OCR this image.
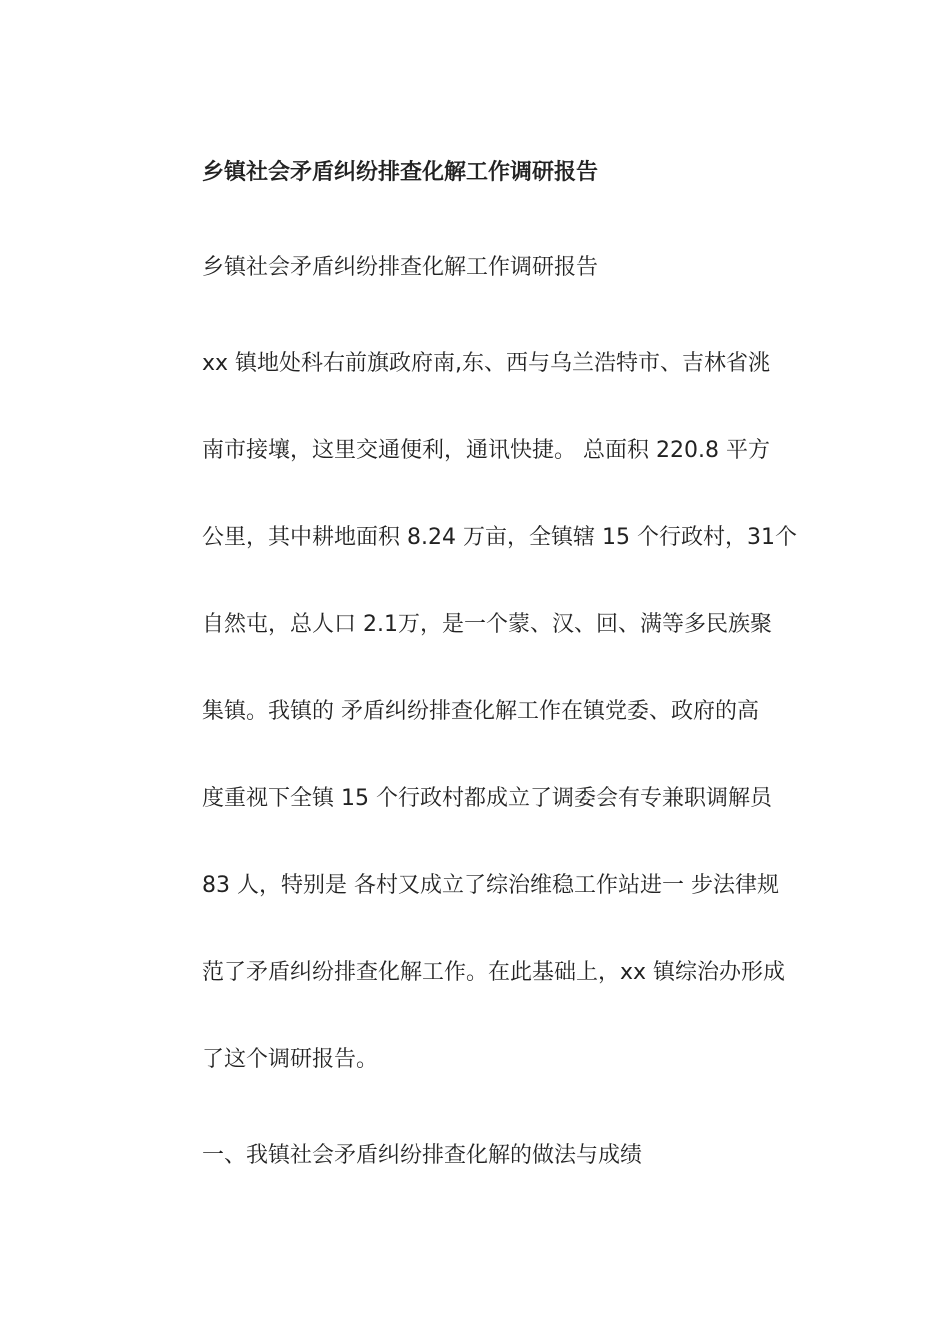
乡镇社会矛盾纠纷排查化解工作调研报告
乡镇社会矛盾纠纷排查化解工作调研报告
xx 镇地处科右前旗政府南,东、西与乌兰浩特市、吉林省洮
南市接壤，这里交通便利，通讯快捷。 总面积 220.8 平方
公里，其中耕地面积 8.24 万亩，全镇辖 15 个行政村，31个
自然屯，总人口 2.1万，是一个蒙、汉、回、满等多民族聚
集镇。我镇的 矛盾纠纷排查化解工作在镇党委、政府的高
度重视下全镇 15 个行政村都成立了调委会有专兼职调解员
83 人，特别是 各村又成立了综治维稳工作站进一 步法律规
范了矛盾纠纷排查化解工作。在此基础上，xx 镇综治办形成
了这个调研报告。
一、我镇社会矛盾纠纷排查化解的做法与成绩
